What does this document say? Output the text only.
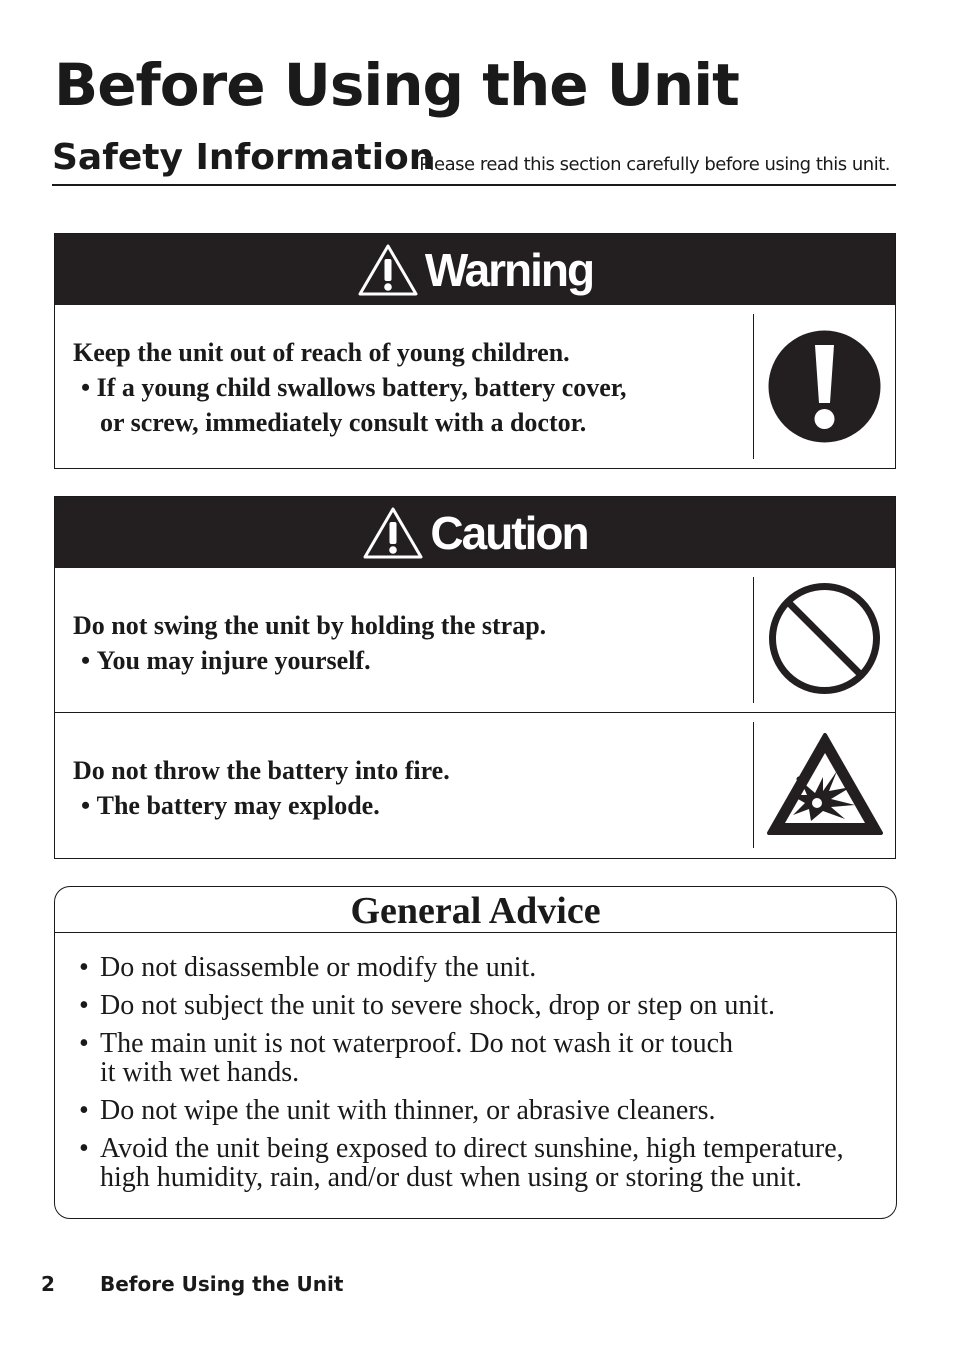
Before Using the Unit
Safety Information
Please read this section carefully before using this unit.
Warning

Keep the unit out of reach of young children.

• If a young child swallows battery, battery cover,

or screw, immediately consult with a doctor.

Caution

Do not swing the unit by holding the strap.

• You may injure yourself.

Do not throw the battery into fire.

• The battery may explode.

General Advice
• Do not disassemble or modify the unit.
• Do not subject the unit to severe shock, drop or step on unit.
• The main unit is not waterproof. Do not wash it or touch
it with wet hands.
• Do not wipe the unit with thinner, or abrasive cleaners.
• Avoid the unit being exposed to direct sunshine, high temperature,
high humidity, rain, and/or dust when using or storing the unit.
2 Before Using the Unit
